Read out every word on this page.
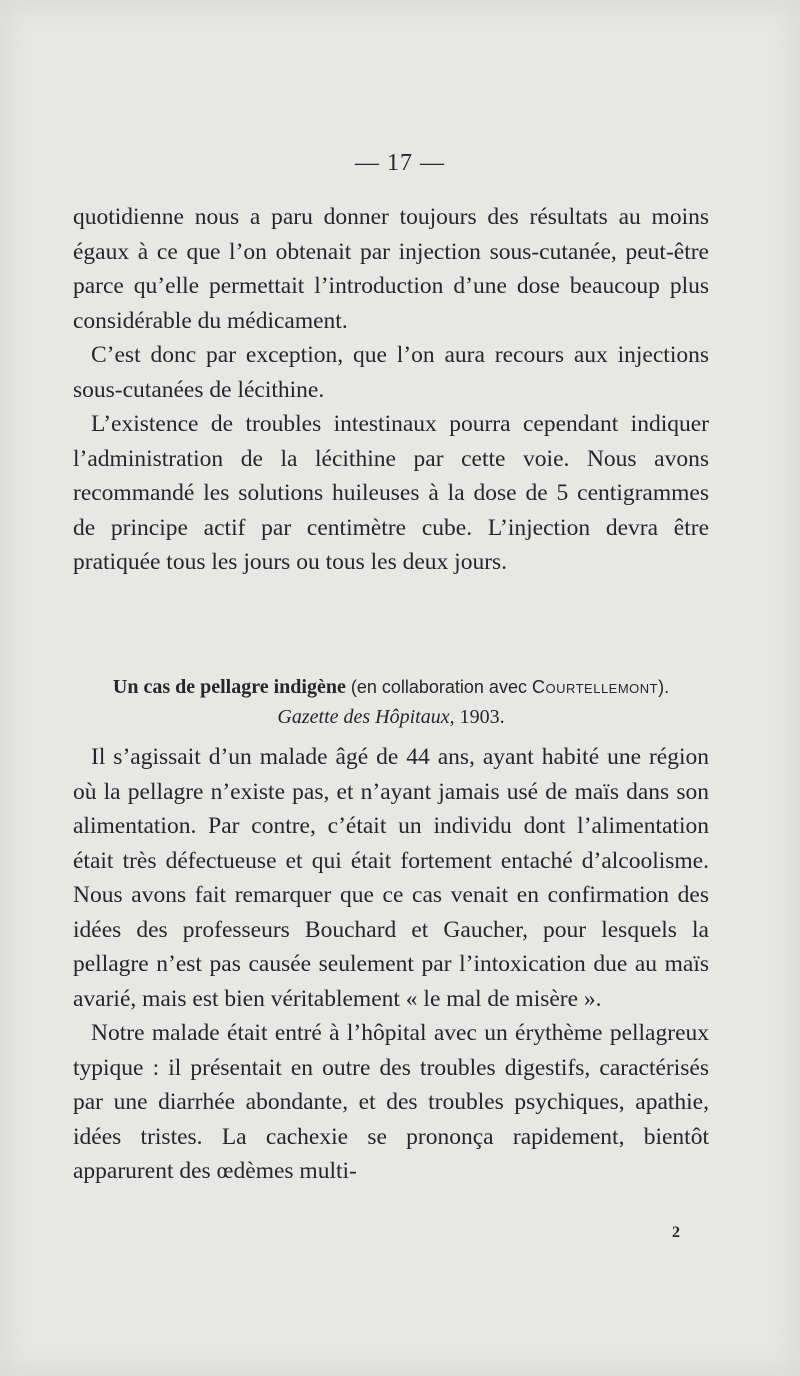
— 17 —

quotidienne nous a paru donner toujours des résultats au moins égaux à ce que l’on obtenait par injection sous-cutanée, peut-être parce qu’elle permettait l’introduction d’une dose beaucoup plus considérable du médicament.

C’est donc par exception, que l’on aura recours aux injections sous-cutanées de lécithine.

L’existence de troubles intestinaux pourra cependant indiquer l’administration de la lécithine par cette voie. Nous avons recommandé les solutions huileuses à la dose de 5 centigrammes de principe actif par centimètre cube. L’injection devra être pratiquée tous les jours ou tous les deux jours.

Un cas de pellagre indigène (en collaboration avec Courtellemont).
Gazette des Hôpitaux, 1903.

Il s’agissait d’un malade âgé de 44 ans, ayant habité une région où la pellagre n’existe pas, et n’ayant jamais usé de maïs dans son alimentation. Par contre, c’était un individu dont l’alimentation était très défectueuse et qui était fortement entaché d’alcoolisme. Nous avons fait remarquer que ce cas venait en confirmation des idées des professeurs Bouchard et Gaucher, pour lesquels la pellagre n’est pas causée seulement par l’intoxication due au maïs avarié, mais est bien véritablement « le mal de misère ».

Notre malade était entré à l’hôpital avec un érythème pellagreux typique : il présentait en outre des troubles digestifs, caractérisés par une diarrhée abondante, et des troubles psychiques, apathie, idées tristes. La cachexie se prononça rapidement, bientôt apparurent des œdèmes multi-

2
